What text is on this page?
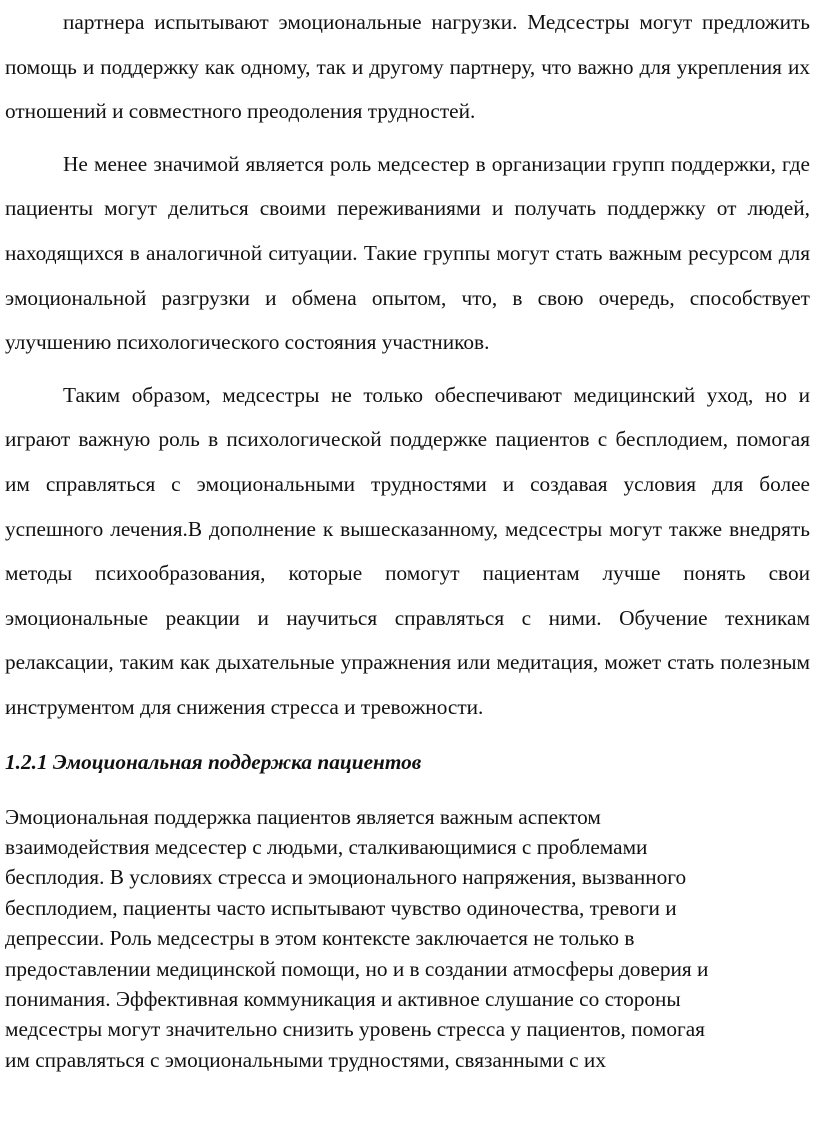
партнера испытывают эмоциональные нагрузки. Медсестры могут предложить помощь и поддержку как одному, так и другому партнеру, что важно для укрепления их отношений и совместного преодоления трудностей.

Не менее значимой является роль медсестер в организации групп поддержки, где пациенты могут делиться своими переживаниями и получать поддержку от людей, находящихся в аналогичной ситуации. Такие группы могут стать важным ресурсом для эмоциональной разгрузки и обмена опытом, что, в свою очередь, способствует улучшению психологического состояния участников.

Таким образом, медсестры не только обеспечивают медицинский уход, но и играют важную роль в психологической поддержке пациентов с бесплодием, помогая им справляться с эмоциональными трудностями и создавая условия для более успешного лечения.В дополнение к вышесказанному, медсестры могут также внедрять методы психообразования, которые помогут пациентам лучше понять свои эмоциональные реакции и научиться справляться с ними. Обучение техникам релаксации, таким как дыхательные упражнения или медитация, может стать полезным инструментом для снижения стресса и тревожности.

1.2.1 Эмоциональная поддержка пациентов

Эмоциональная поддержка пациентов является важным аспектом
взаимодействия медсестер с людьми, сталкивающимися с проблемами
бесплодия. В условиях стресса и эмоционального напряжения, вызванного
бесплодием, пациенты часто испытывают чувство одиночества, тревоги и
депрессии. Роль медсестры в этом контексте заключается не только в
предоставлении медицинской помощи, но и в создании атмосферы доверия и
понимания. Эффективная коммуникация и активное слушание со стороны
медсестры могут значительно снизить уровень стресса у пациентов, помогая
им справляться с эмоциональными трудностями, связанными с их
